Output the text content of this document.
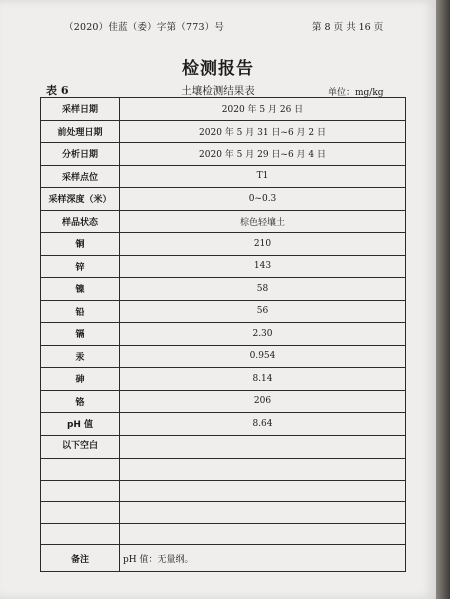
（2020）佳蓝（委）字第（773）号	第 8 页 共 16 页
检测报告
表 6	土壤检测结果表	单位：mg/kg
采样日期	2020 年 5 月 26 日
前处理日期	2020 年 5 月 31 日~6 月 2 日
分析日期	2020 年 5 月 29 日~6 月 4 日
采样点位	T1
采样深度（米）	0~0.3
样品状态	棕色轻壤土
铜	210
锌	143
镍	58
铅	56
镉	2.30
汞	0.954
砷	8.14
铬	206
pH 值	8.64
以下空白	

备注	pH 值：无量纲。
